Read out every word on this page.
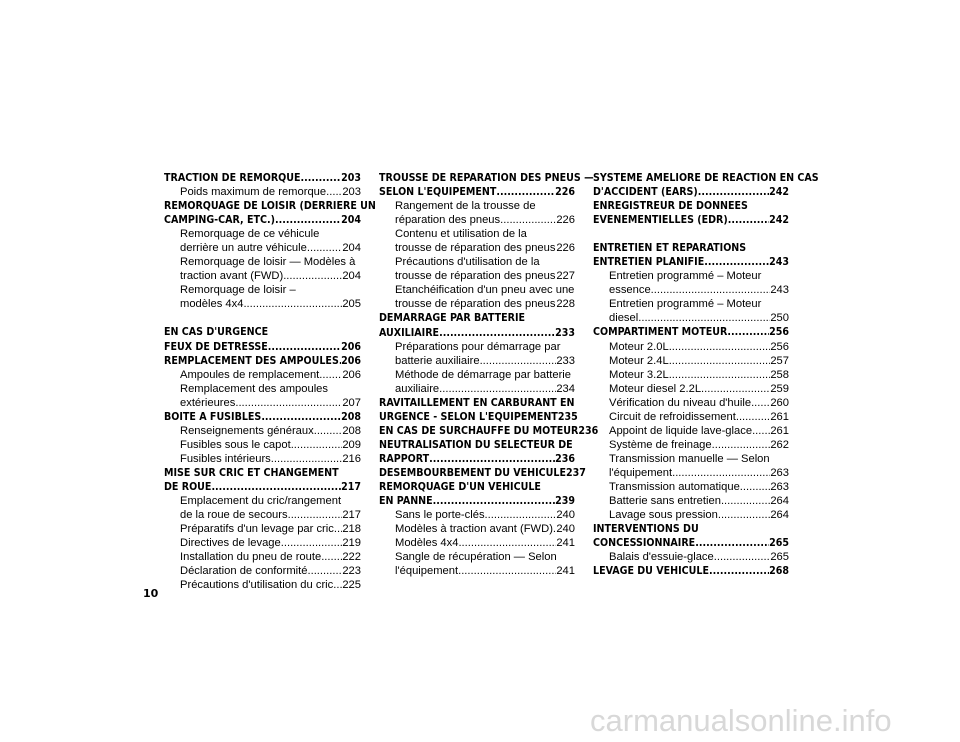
TRACTION DE REMORQUE .....	203
Poids maximum de remorque ..... 203
REMORQUAGE DE LOISIR (DERRIERE UN
CAMPING-CAR, ETC.) .....	204
Remorquage de ce véhicule
derrière un autre véhicule .....	204
Remorquage de loisir — Modèles à
traction avant (FWD) .....	204
Remorquage de loisir –
modèles 4x4 .....	205
EN CAS D'URGENCE
FEUX DE DETRESSE .....	206
REMPLACEMENT DES AMPOULES ..... 206
Ampoules de remplacement ..... 206
Remplacement des ampoules
extérieures .....	207
BOITE A FUSIBLES .....	208
Renseignements généraux .....	208
Fusibles sous le capot .....	209
Fusibles intérieurs .....	216
MISE SUR CRIC ET CHANGEMENT
DE ROUE .....	217
Emplacement du cric/rangement
de la roue de secours .....	217
Préparatifs d'un levage par cric ..... 218
Directives de levage .....	219
Installation du pneu de route ..... 222
Déclaration de conformité .....	223
Précautions d'utilisation du cric ..... 225
TROUSSE DE REPARATION DES PNEUS —
SELON L'EQUIPEMENT .....	226
Rangement de la trousse de
réparation des pneus .....	226
Contenu et utilisation de la
trousse de réparation des pneus ..... 226
Précautions d'utilisation de la
trousse de réparation des pneus ..... 227
Etanchéification d'un pneu avec une
trousse de réparation des pneus ..... 228
DEMARRAGE PAR BATTERIE
AUXILIAIRE .....	233
Préparations pour démarrage par
batterie auxiliaire .....	233
Méthode de démarrage par batterie
auxiliaire .....	234
RAVITAILLEMENT EN CARBURANT EN
URGENCE - SELON L'EQUIPEMENT 235
EN CAS DE SURCHAUFFE DU MOTEUR 236
NEUTRALISATION DU SELECTEUR DE
RAPPORT .....	236
DESEMBOURBEMENT DU VEHICULE 237
REMORQUAGE D'UN VEHICULE
EN PANNE .....	239
Sans le porte-clés .....	240
Modèles à traction avant (FWD) ..... 240
Modèles 4x4 .....	241
Sangle de récupération — Selon
l'équipement .....	241
SYSTEME AMELIORE DE REACTION EN CAS
D'ACCIDENT (EARS) .....	242
ENREGISTREUR DE DONNEES
EVENEMENTIELLES (EDR) .....	242
ENTRETIEN ET REPARATIONS
ENTRETIEN PLANIFIE .....	243
Entretien programmé – Moteur
essence .....	243
Entretien programmé – Moteur
diesel .....	250
COMPARTIMENT MOTEUR .....	256
Moteur 2.0L .....	256
Moteur 2.4L .....	257
Moteur 3.2L .....	258
Moteur diesel 2.2L .....	259
Vérification du niveau d'huile ..... 260
Circuit de refroidissement .....	261
Appoint de liquide lave-glace ..... 261
Système de freinage .....	262
Transmission manuelle — Selon
l'équipement .....	263
Transmission automatique .....	263
Batterie sans entretien .....	264
Lavage sous pression .....	264
INTERVENTIONS DU
CONCESSIONNAIRE .....	265
Balais d'essuie-glace .....	265
LEVAGE DU VEHICULE .....	268
10
carmanualsonline.info
